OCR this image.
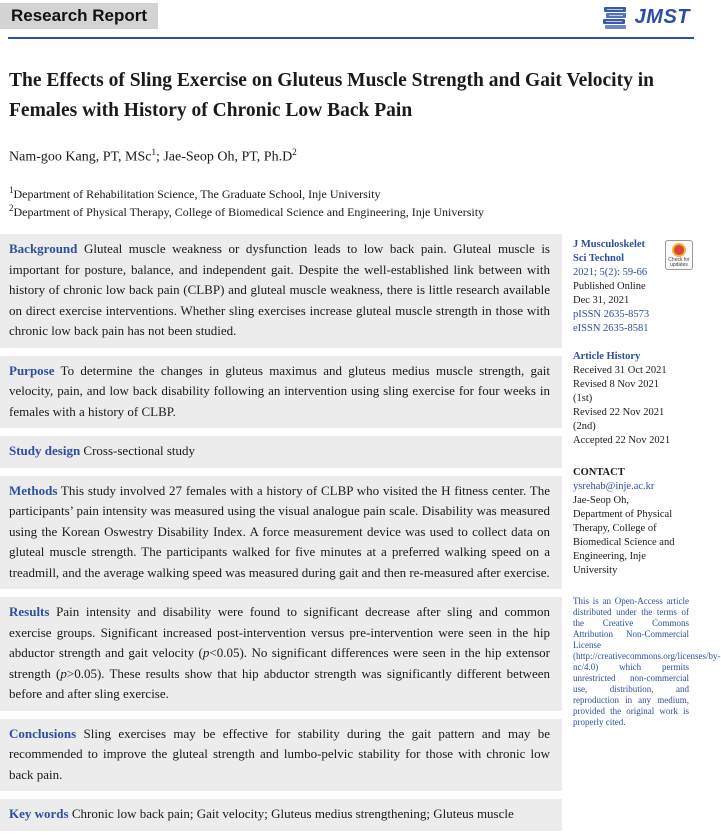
Research Report	JMST
The Effects of Sling Exercise on Gluteus Muscle Strength and Gait Velocity in Females with History of Chronic Low Back Pain
Nam-goo Kang, PT, MSc$^1$; Jae-Seop Oh, PT, $Ph.D^2$
$^1$Department of Rehabilitation Science, The Graduate School, Inje University
$^2$Department of Physical Therapy, College of Biomedical Science and Engineering, Inje University
Background Gluteal muscle weakness or dysfunction leads to low back pain. Gluteal muscle is important for posture, balance, and independent gait. Despite the well-established link between with history of chronic low back pain (CLBP) and gluteal muscle weakness, there is little research available on direct exercise interventions. Whether sling exercises increase gluteal muscle strength in those with chronic low back pain has not been studied.
Purpose To determine the changes in gluteus maximus and gluteus medius muscle strength, gait velocity, pain, and low back disability following an intervention using sling exercise for four weeks in females with a history of CLBP.
Study design Cross-sectional study
Methods This study involved 27 females with a history of CLBP who visited the H fitness center. The participants’ pain intensity was measured using the visual analogue pain scale. Disability was measured using the Korean Oswestry Disability Index. A force measurement device was used to collect data on gluteal muscle strength. The participants walked for five minutes at a preferred walking speed on a treadmill, and the average walking speed was measured during gait and then re-measured after exercise.
Results Pain intensity and disability were found to significant decrease after sling and common exercise groups. Significant increased post-intervention versus pre-intervention were seen in the hip abductor strength and gait velocity (p<0.05). No significant differences were seen in the hip extensor strength (p>0.05). These results show that hip abductor strength was significantly different between before and after sling exercise.
Conclusions Sling exercises may be effective for stability during the gait pattern and may be recommended to improve the gluteal strength and lumbo-pelvic stability for those with chronic low back pain.
Key words Chronic low back pain; Gait velocity; Gluteus medius strengthening; Gluteus muscle
Check for
updates
J Musculoskelet
Sci Technol
2021; 5(2): 59-66
Published Online
Dec 31, 2021
pISSN 2635-8573
eISSN 2635-8581
Article History
Received 31 Oct 2021
Revised 8 Nov 2021
(1st)
Revised 22 Nov 2021
(2nd)
Accepted 22 Nov 2021
CONTACT
ysrehab@inje.ac.kr
Jae-Seop Oh,
Department of Physical
Therapy, College of
Biomedical Science and
Engineering, Inje
University
This is an Open-Access article distributed under the terms of the Creative Commons Attribution Non-Commercial License (http://creativecommons.org/licenses/by-nc/4.0) which permits unrestricted non-commercial use, distribution, and reproduction in any medium, provided the original work is properly cited.
